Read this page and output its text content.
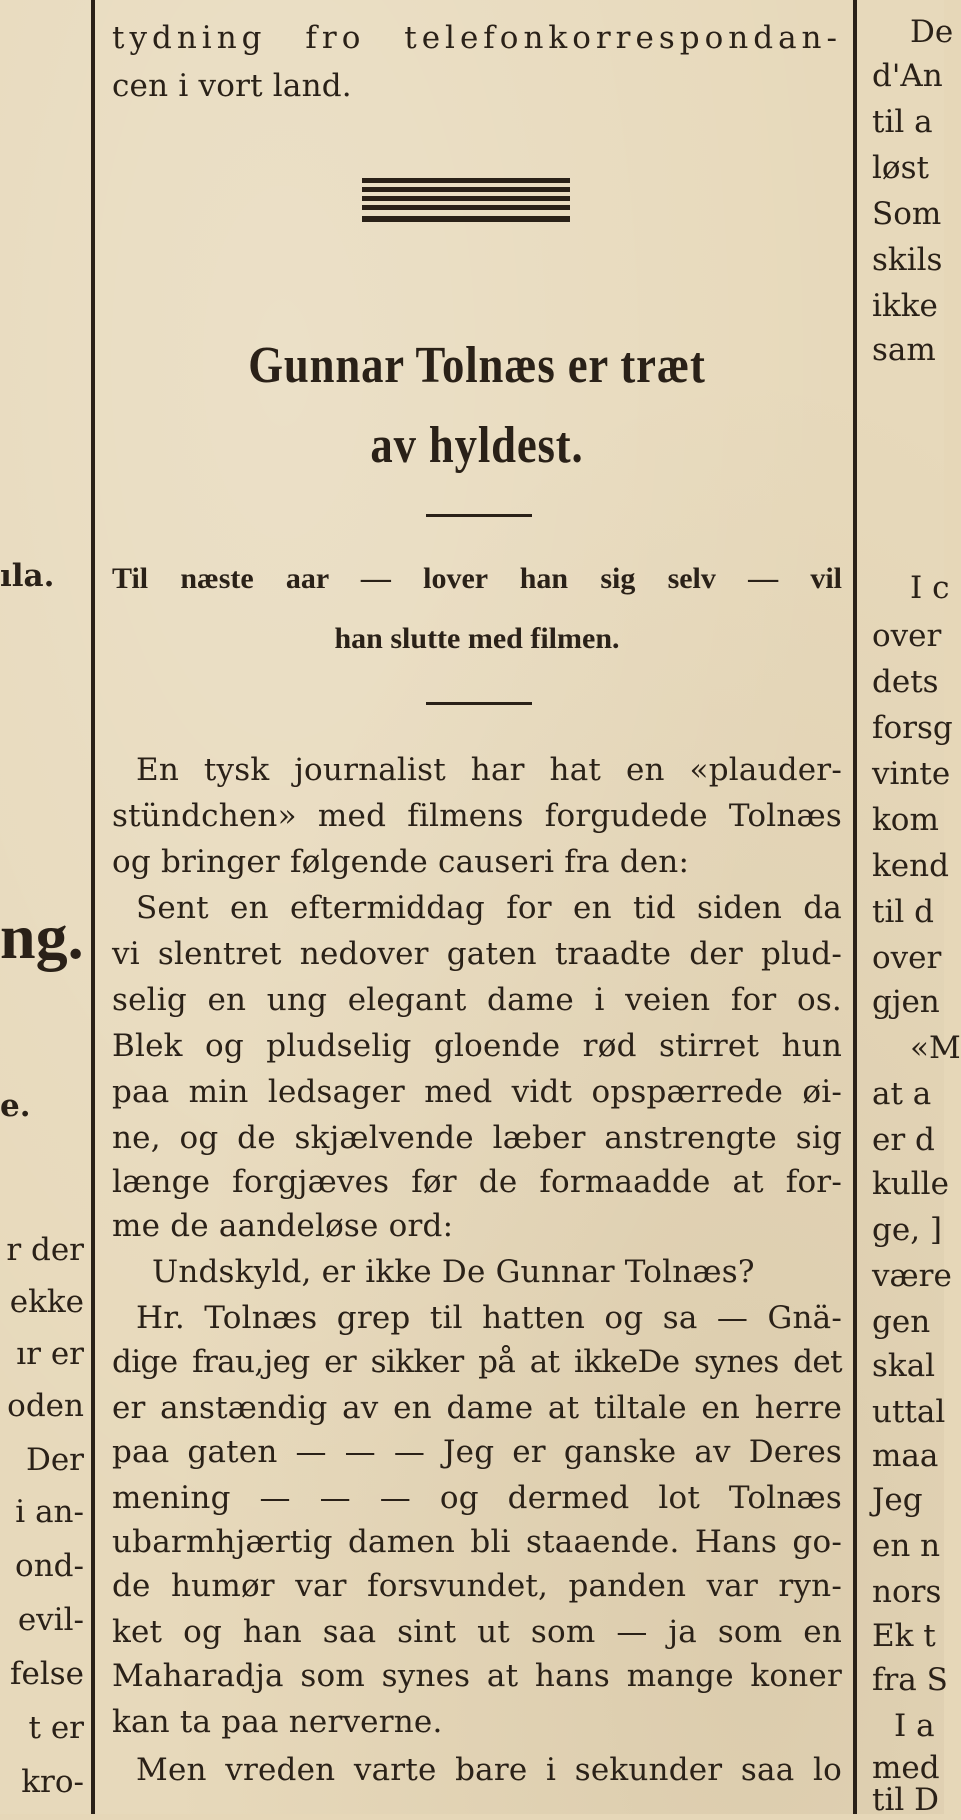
ıla.
ng.
e.
r der
ekke
ır er
oden
Der
i an-
ond-
evil-
felse
t er
kro-
tydning fro telefonkorrespondan-
cen i vort land.
Gunnar Tolnæs er træt
av hyldest.
Til næste aar — lover han sig selv — vil
han slutte med filmen.
En tysk journalist har hat en «plauder-
stündchen» med filmens forgudede Tolnæs
og bringer følgende causeri fra den:
Sent en eftermiddag for en tid siden da
vi slentret nedover gaten traadte der plud-
selig en ung elegant dame i veien for os.
Blek og pludselig gloende rød stirret hun
paa min ledsager med vidt opspærrede øi-
ne, og de skjælvende læber anstrengte sig
længe forgjæves før de formaadde at for-
me de aandeløse ord:
Undskyld, er ikke De Gunnar Tolnæs?
Hr. Tolnæs grep til hatten og sa — Gnä-
dige frau,jeg er sikker på at ikkeDe synes det
er anstændig av en dame at tiltale en herre
paa gaten — — — Jeg er ganske av Deres
mening — — — og dermed lot Tolnæs
ubarmhjærtig damen bli staaende. Hans go-
de humør var forsvundet, panden var ryn-
ket og han saa sint ut som — ja som en
Maharadja som synes at hans mange koner
kan ta paa nerverne.
Men vreden varte bare i sekunder saa lo
De
d'An
til a
løst
Som
skils
ikke
sam
I c
over
dets
forsg
vinte
kom
kend
til d
over
gjen
«M
at a
er d
kulle
ge, ]
være
gen
skal
uttal
maa
Jeg
en n
nors
Ek t
fra S
I a
med
til D
